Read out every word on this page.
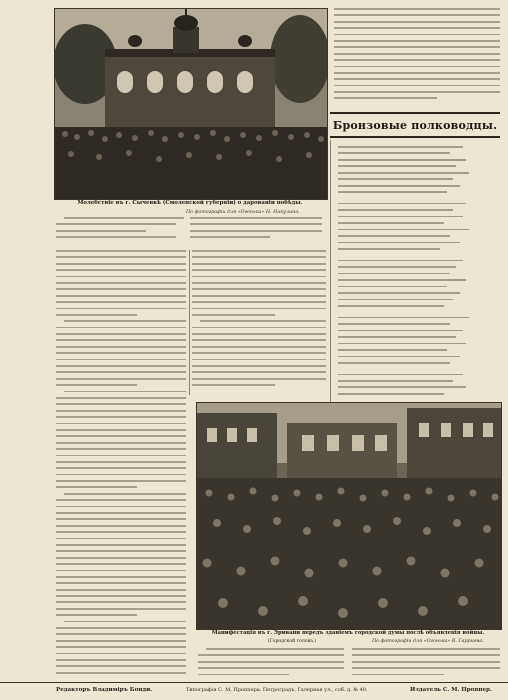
Молебствіе въ г. Сычевкѣ (Смоленской губерніи) о дарованіи побѣды.
По фотографіи для «Огонька» Н. Никулина.
Бронзовые полководцы.
Манифестація въ г. Эривани передъ зданіемъ городской думы послѣ объявленія войны.
(Городской голова.)	По фотографіи для «Огонька» В. Гарриева.
Редакторъ Владиміръ Бонди.	Типографія С. М. Проппера. Петроградъ, Галерная ул., соб. д. № 40.	Издатель С. М. Проппер.
